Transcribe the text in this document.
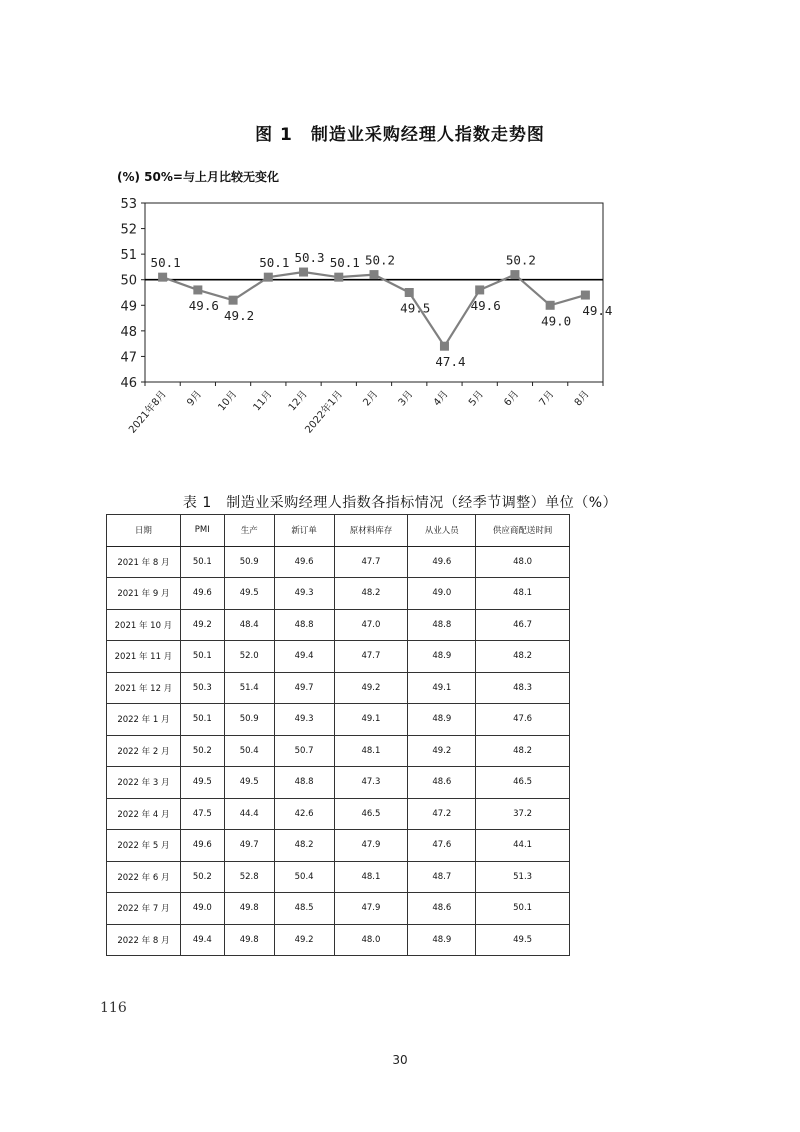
图 1　制造业采购经理人指数走势图
(%) 50%=与上月比较无变化
53
52
51
50
49
48
47
46
2021年8月 9月 10月 11月 12月
2022年1月 2月 3月 4月 5月 6月 7月 8月
50.1
49.6
49.2
50.1 50.3 50.1 50.2
49.5
47.4
49.6
50.2
49.0
49.4
表 1　制造业采购经理人指数各指标情况（经季节调整）单位（%）
日期	PMI	生产	新订单	原材料库存	从业人员	供应商配送时间
2021 年 8 月	50.1	50.9	49.6	47.7	49.6	48.0
2021 年 9 月	49.6	49.5	49.3	48.2	49.0	48.1
2021 年 10 月	49.2	48.4	48.8	47.0	48.8	46.7
2021 年 11 月	50.1	52.0	49.4	47.7	48.9	48.2
2021 年 12 月	50.3	51.4	49.7	49.2	49.1	48.3
2022 年 1 月	50.1	50.9	49.3	49.1	48.9	47.6
2022 年 2 月	50.2	50.4	50.7	48.1	49.2	48.2
2022 年 3 月	49.5	49.5	48.8	47.3	48.6	46.5
2022 年 4 月	47.5	44.4	42.6	46.5	47.2	37.2
2022 年 5 月	49.6	49.7	48.2	47.9	47.6	44.1
2022 年 6 月	50.2	52.8	50.4	48.1	48.7	51.3
2022 年 7 月	49.0	49.8	48.5	47.9	48.6	50.1
2022 年 8 月	49.4	49.8	49.2	48.0	48.9	49.5
116
30
